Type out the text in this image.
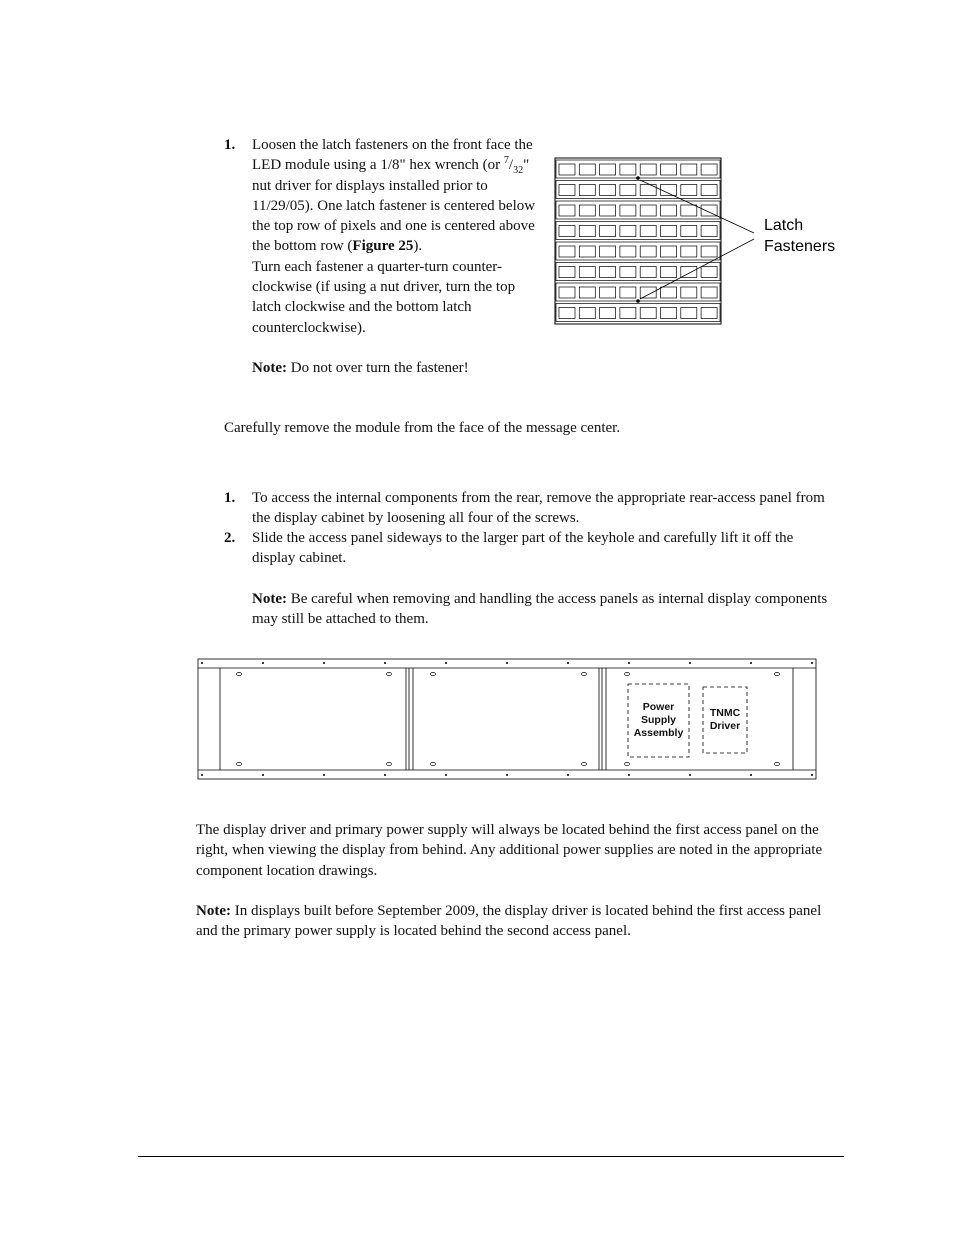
1. Loosen the latch fasteners on the front face the LED module using a 1/8" hex wrench (or $^7/_{32}$" nut driver for displays installed prior to 11/29/05). One latch fastener is centered below the top row of pixels and one is centered above the bottom row (Figure 25).

Turn each fastener a quarter-turn counter-clockwise (if using a nut driver, turn the top latch clockwise and the bottom latch counterclockwise).

Note: Do not over turn the fastener!

Carefully remove the module from the face of the message center.

Latch
Fasteners
1. To access the internal components from the rear, remove the appropriate rear-access panel from the display cabinet by loosening all four of the screws.

2. Slide the access panel sideways to the larger part of the keyhole and carefully lift it off the display cabinet.

Note: Be careful when removing and handling the access panels as internal display components may still be attached to them.

Power
Supply
Assembly
TNMC
Driver

The display driver and primary power supply will always be located behind the first access panel on the right, when viewing the display from behind. Any additional power supplies are noted in the appropriate component location drawings.

Note: In displays built before September 2009, the display driver is located behind the first access panel and the primary power supply is located behind the second access panel.
